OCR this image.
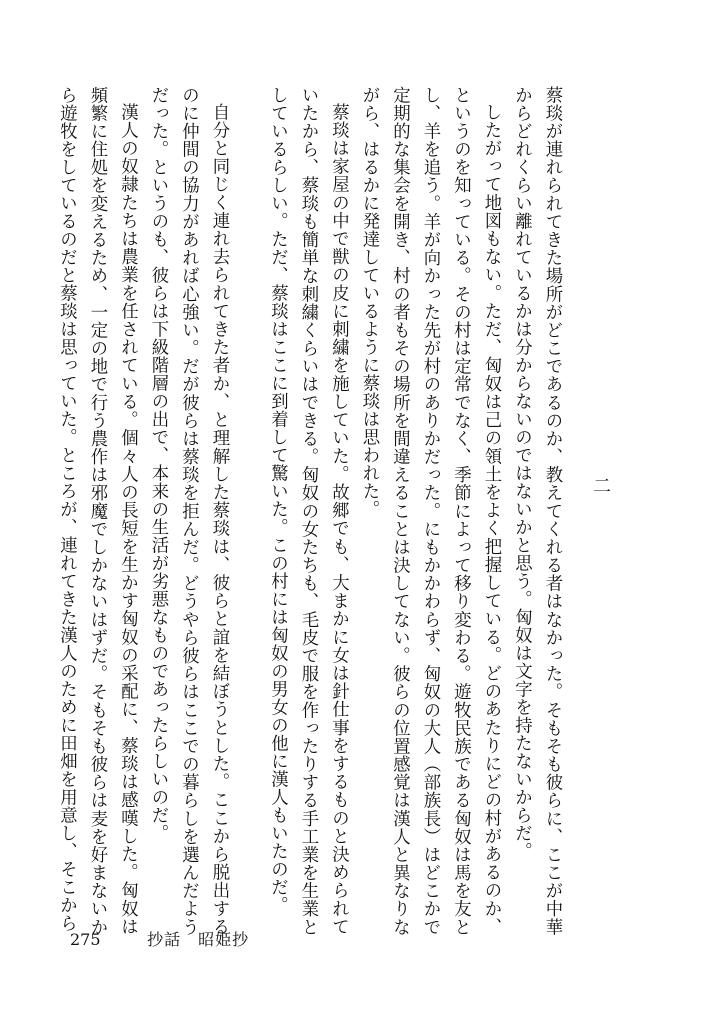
蔡琰が連れられてきた場所がどこであるのか、教えてくれる者はなかった。そもそも彼らに、ここが中華からどれくらい離れているかは分からないのではないかと思う。匈奴は文字を持たないからだ。

したがって地図もない。ただ、匈奴は己の領土をよく把握している。どのあたりにどの村があるのか、というのを知っている。その村は定常でなく、季節によって移り変わる。遊牧民族である匈奴は馬を友とし、羊を追う。羊が向かった先が村のありかだった。にもかかわらず、匈奴の大人（部族長）はどこかで定期的な集会を開き、村の者もその場所を間違えることは決してない。彼らの位置感覚は漢人と異なりながら、はるかに発達しているように蔡琰は思われた。

蔡琰は家屋の中で獣の皮に刺繍を施していた。故郷でも、大まかに女は針仕事をするものと決められていたから、蔡琰も簡単な刺繍くらいはできる。匈奴の女たちも、毛皮で服を作ったりする手工業を生業としているらしい。ただ、蔡琰はここに到着して驚いた。この村には匈奴の男女の他に漢人もいたのだ。

自分と同じく連れ去られてきた者か、と理解した蔡琰は、彼らと誼を結ぼうとした。ここから脱出するのに仲間の協力があれば心強い。だが彼らは蔡琰を拒んだ。どうやら彼らはここでの暮らしを選んだようだった。というのも、彼らは下級階層の出で、本来の生活が劣悪なものであったらしいのだ。

漢人の奴隷たちは農業を任されている。個々人の長短を生かす匈奴の采配に、蔡琰は感嘆した。匈奴は頻繁に住処を変えるため、一定の地で行う農作は邪魔でしかないはずだ。そもそも彼らは麦を好まないから遊牧をしているのだと蔡琰は思っていた。ところが、連れてきた漢人のために田畑を用意し、そこから	二
275	抄話　昭姫抄
